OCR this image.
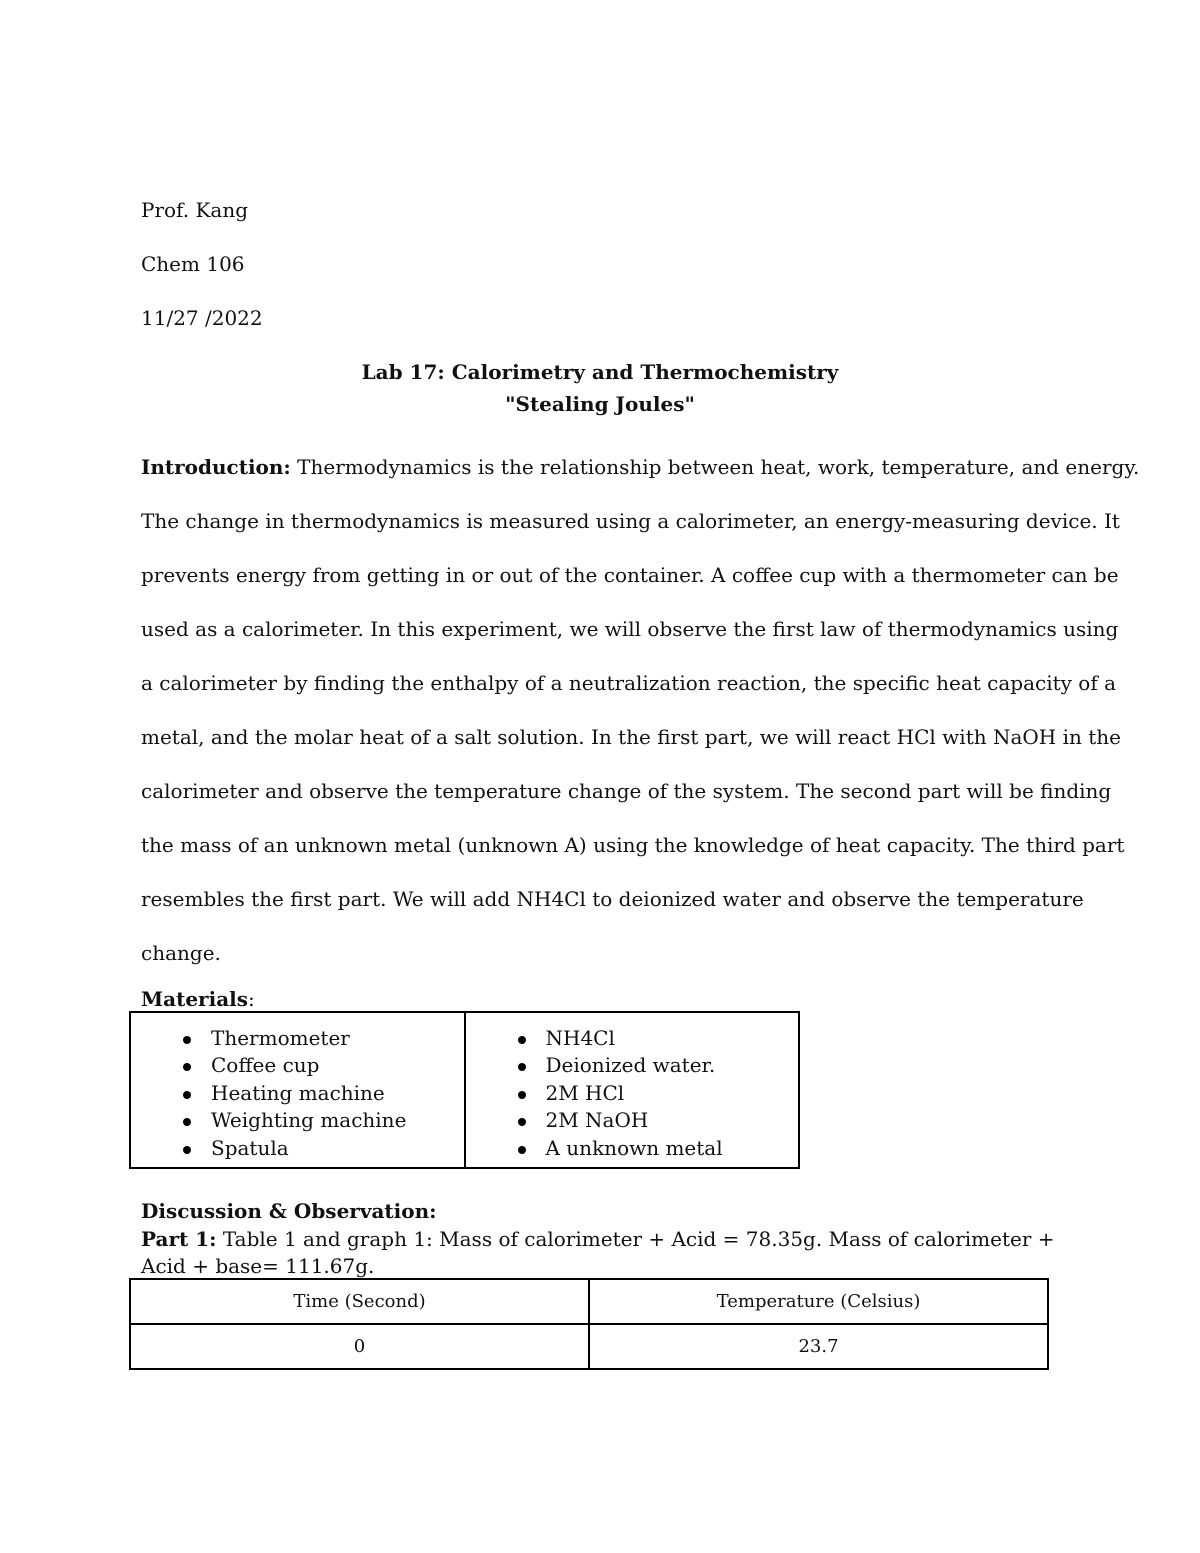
Prof. Kang
Chem 106
11/27 /2022
Lab 17: Calorimetry and Thermochemistry
"Stealing Joules"
Introduction: Thermodynamics is the relationship between heat, work, temperature, and energy.
The change in thermodynamics is measured using a calorimeter, an energy-measuring device. It
prevents energy from getting in or out of the container. A coffee cup with a thermometer can be
used as a calorimeter. In this experiment, we will observe the first law of thermodynamics using
a calorimeter by finding the enthalpy of a neutralization reaction, the specific heat capacity of a
metal, and the molar heat of a salt solution. In the first part, we will react HCl with NaOH in the
calorimeter and observe the temperature change of the system. The second part will be finding
the mass of an unknown metal (unknown A) using the knowledge of heat capacity. The third part
resembles the first part. We will add NH4Cl to deionized water and observe the temperature
change.
Materials:
Thermometer
Coffee cup
Heating machine
Weighting machine
Spatula
NH4Cl
Deionized water.
2M HCl
2M NaOH
A unknown metal
Discussion & Observation:
Part 1: Table 1 and graph 1: Mass of calorimeter + Acid = 78.35g. Mass of calorimeter + Acid + base= 111.67g.
Time (Second)	Temperature (Celsius)
0	23.7
